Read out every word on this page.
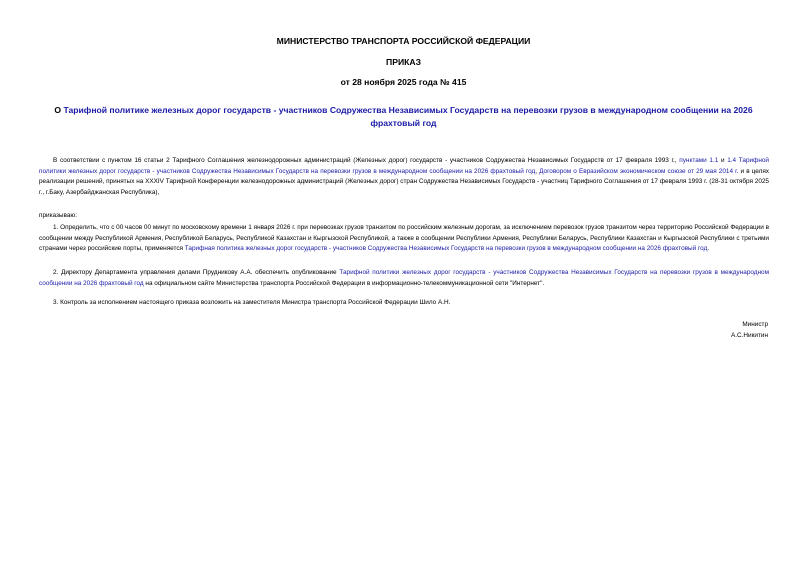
МИНИСТЕРСТВО ТРАНСПОРТА РОССИЙСКОЙ ФЕДЕРАЦИИ
ПРИКАЗ
от 28 ноября 2025 года № 415
О Тарифной политике железных дорог государств - участников Содружества Независимых Государств на перевозки грузов в международном сообщении на 2026 фрахтовый год
В соответствии с пунктом 16 статьи 2 Тарифного Соглашения железнодорожных администраций (Железных дорог) государств - участников Содружества Независимых Государств от 17 февраля 1993 г., пунктами 1.1 и 1.4 Тарифной политики железных дорог государств - участников Содружества Независимых Государств на перевозки грузов в международном сообщении на 2026 фрахтовый год, Договором о Евразийском экономическом союзе от 29 мая 2014 г. и в целях реализации решений, принятых на XXXIV Тарифной Конференции железнодорожных администраций (Железных дорог) стран Содружества Независимых Государств - участниц Тарифного Соглашения от 17 февраля 1993 г. (28-31 октября 2025 г., г.Баку, Азербайджанская Республика),
приказываю:
1. Определить, что с 00 часов 00 минут по московскому времени 1 января 2026 г. при перевозках грузов транзитом по российским железным дорогам, за исключением перевозок грузов транзитом через территорию Российской Федерации в сообщении между Республикой Армения, Республикой Беларусь, Республикой Казахстан и Кыргызской Республикой, а также в сообщении Республики Армения, Республики Беларусь, Республики Казахстан и Кыргызской Республики с третьими странами через российские порты, применяется Тарифная политика железных дорог государств - участников Содружества Независимых Государств на перевозки грузов в международном сообщении на 2026 фрахтовый год.
2. Директору Департамента управления делами Прудникову А.А. обеспечить опубликование Тарифной политики железных дорог государств - участников Содружества Независимых Государств на перевозки грузов в международном сообщении на 2026 фрахтовый год на официальном сайте Министерства транспорта Российской Федерации в информационно-телекоммуникационной сети "Интернет".
3. Контроль за исполнением настоящего приказа возложить на заместителя Министра транспорта Российской Федерации Шило А.Н.
Министр
А.С.Никитин
